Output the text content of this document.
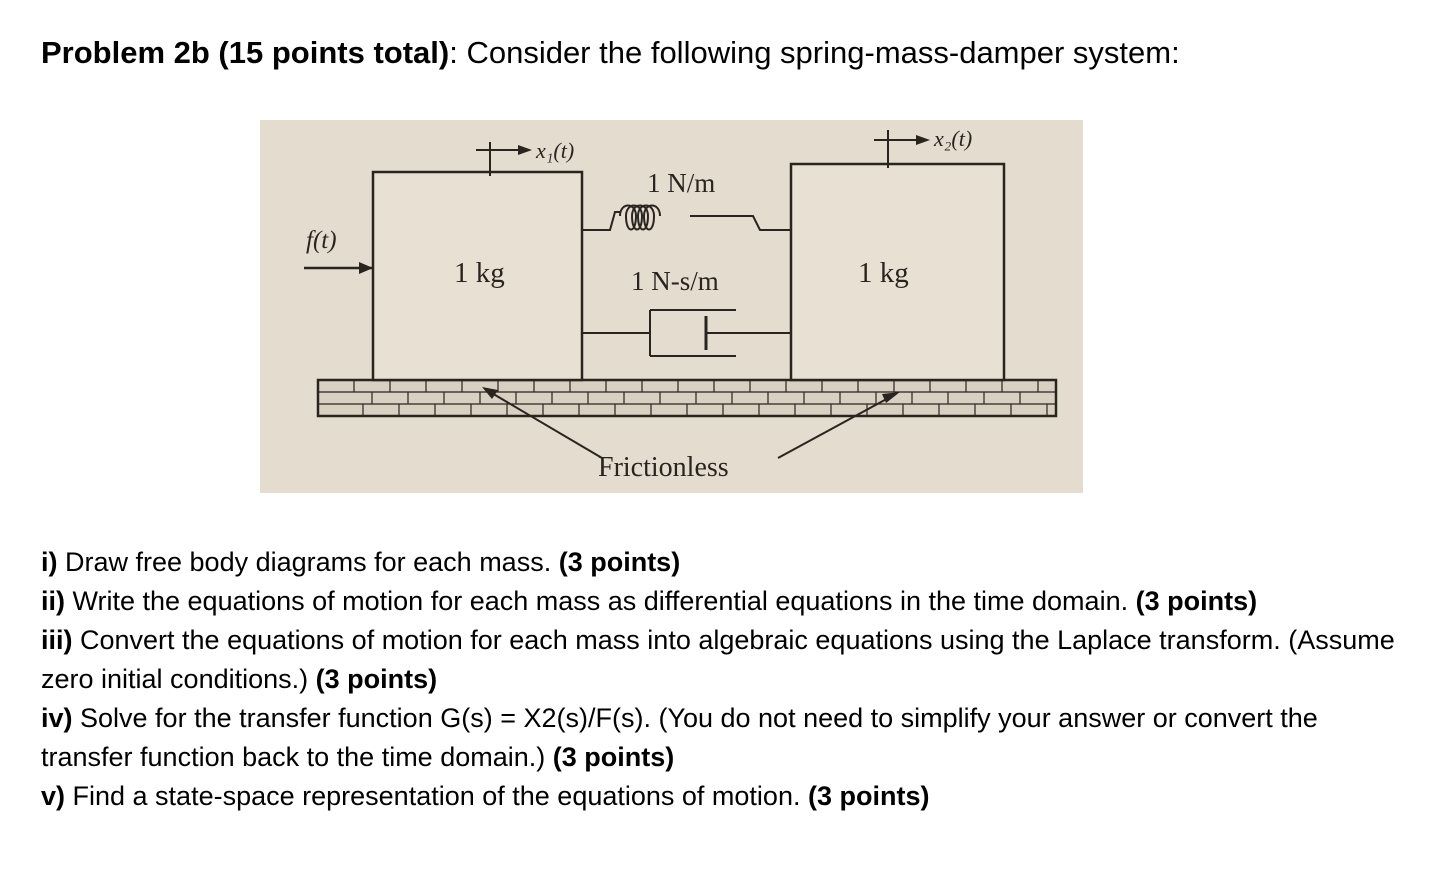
Problem 2b (15 points total): Consider the following spring-mass-damper system:
f(t)
x₁(t)	x₂(t)
1 kg	1 kg
1 N/m
1 N-s/m
Frictionless

i) Draw free body diagrams for each mass. (3 points)

ii) Write the equations of motion for each mass as differential equations in the time domain. (3 points)

iii) Convert the equations of motion for each mass into algebraic equations using the Laplace transform. (Assume zero initial conditions.) (3 points)

iv) Solve for the transfer function G(s) = X2(s)/F(s). (You do not need to simplify your answer or convert the transfer function back to the time domain.) (3 points)

v) Find a state-space representation of the equations of motion. (3 points)
